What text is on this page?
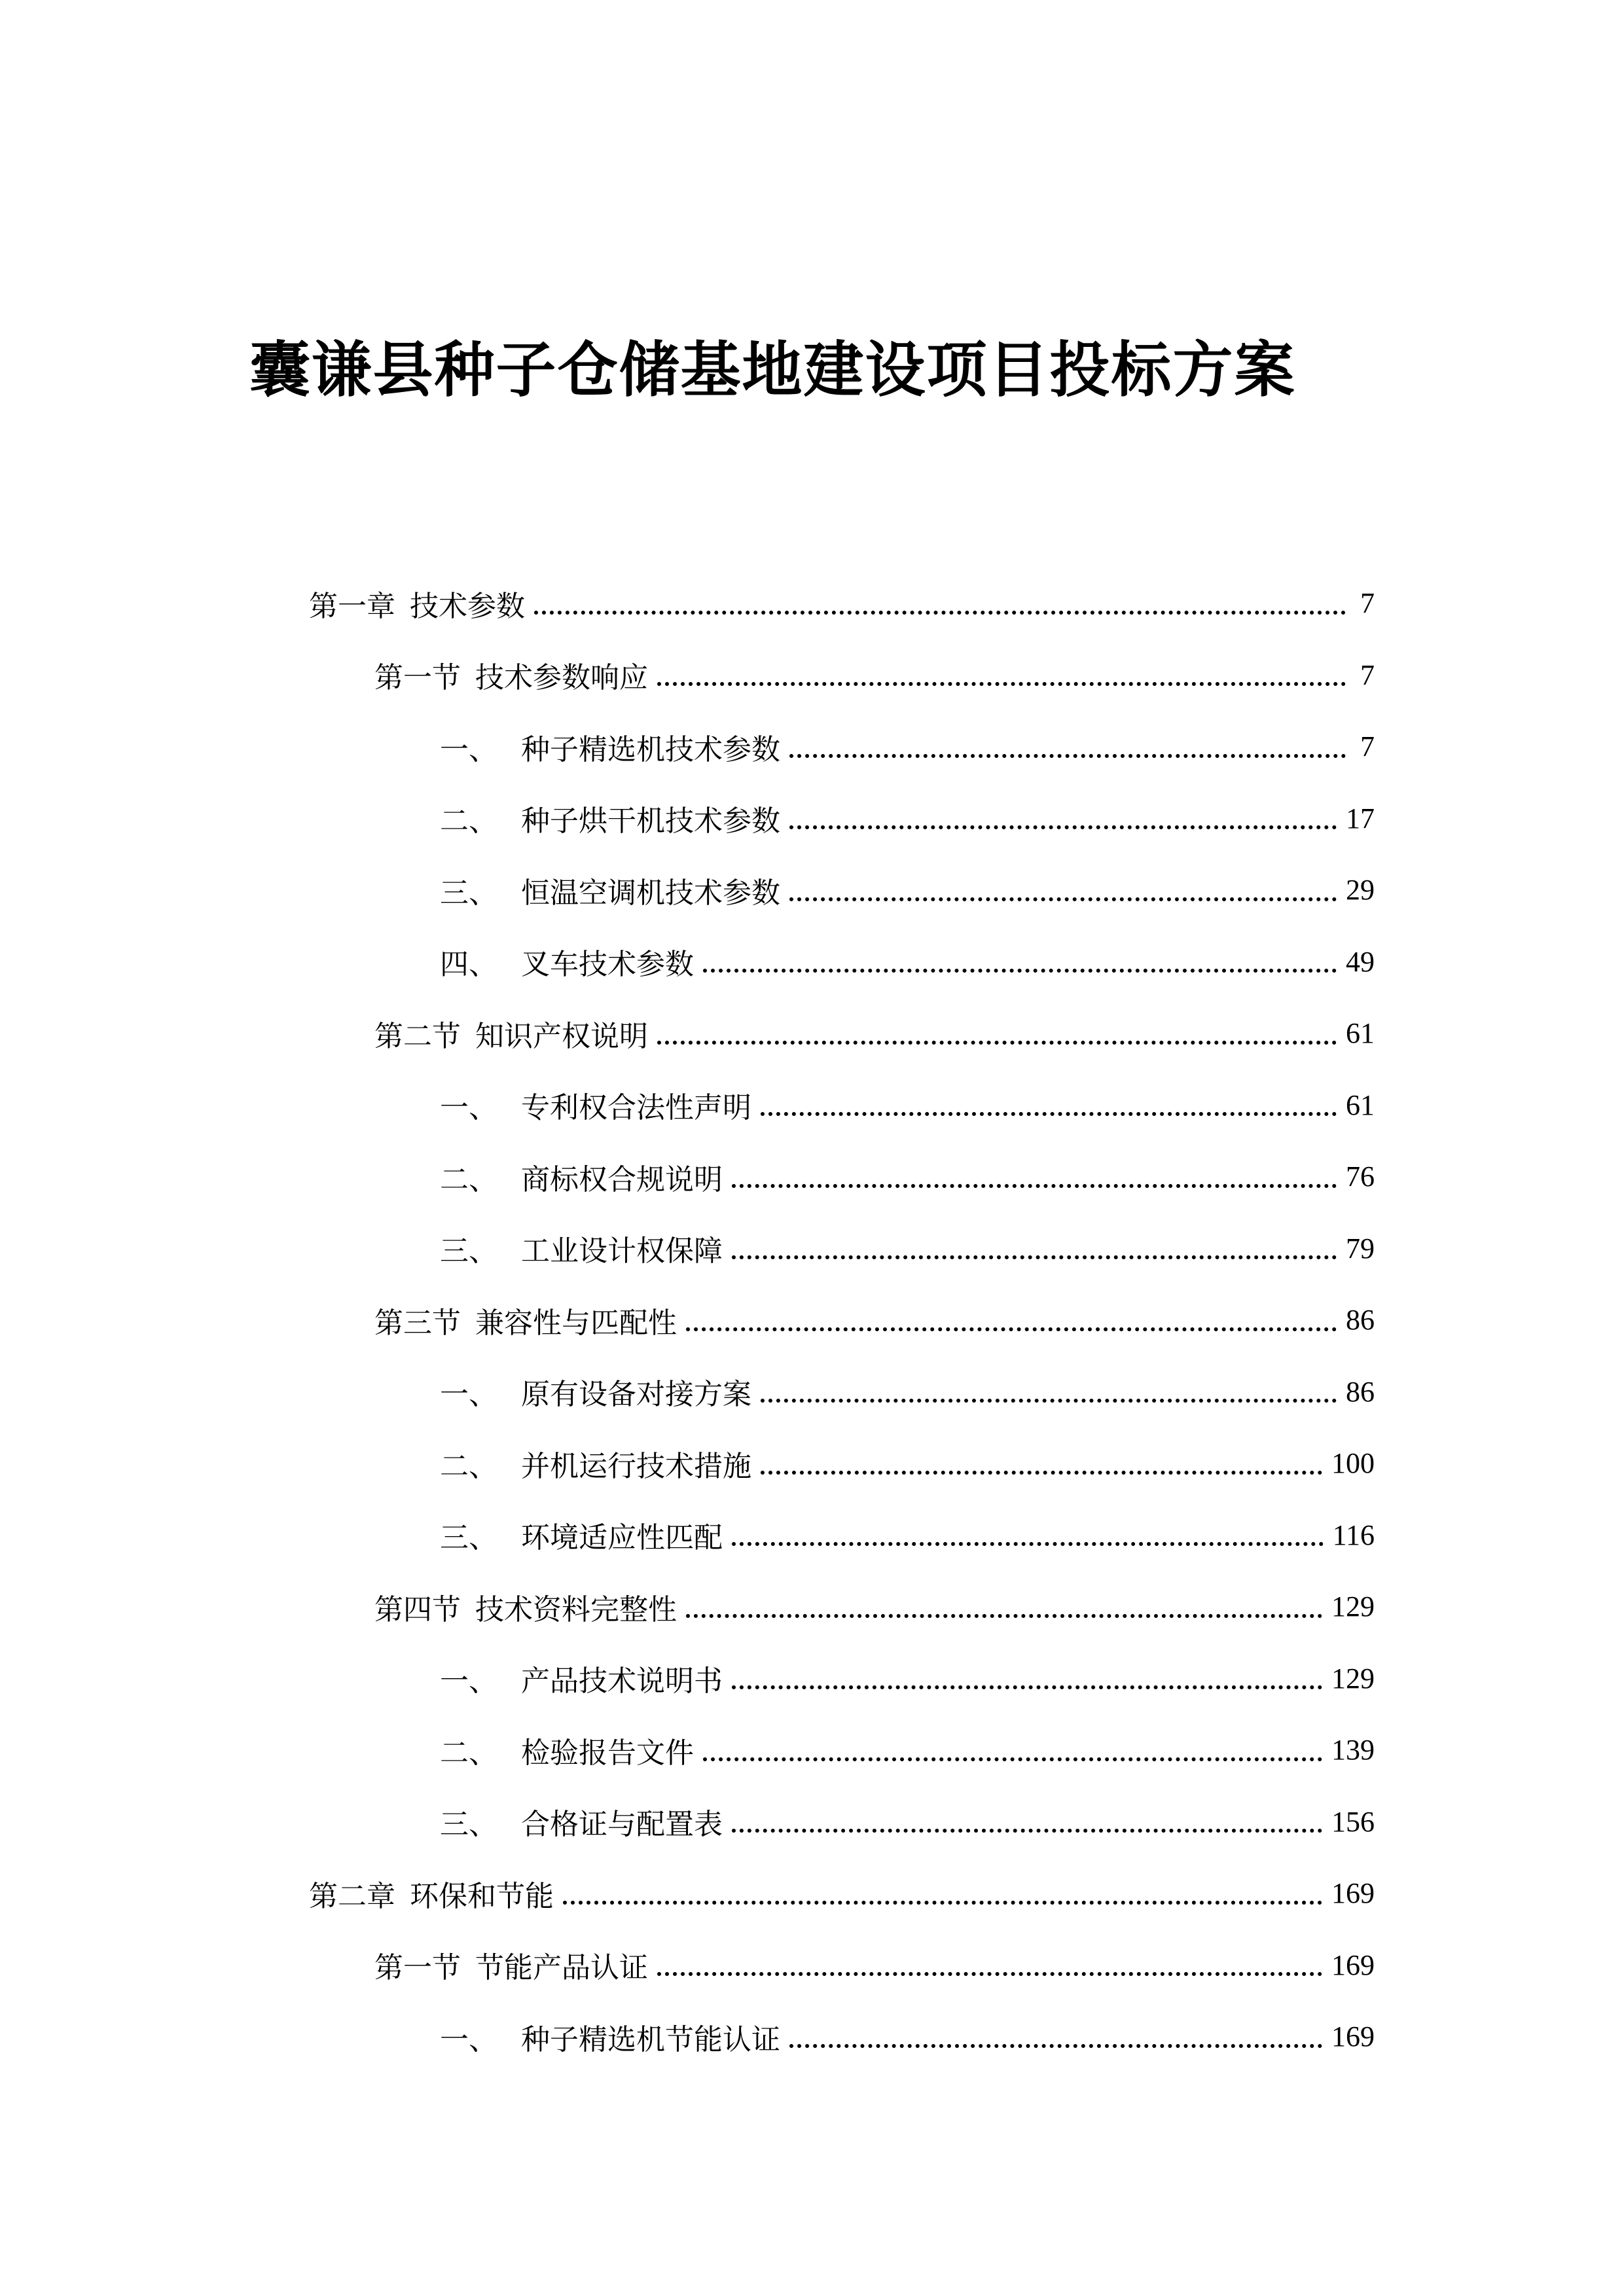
囊谦县种子仓储基地建设项目投标方案
第一章 技术参数	7
第一节 技术参数响应	7
一、 种子精选机技术参数	7
二、 种子烘干机技术参数	17
三、 恒温空调机技术参数	29
四、 叉车技术参数	49
第二节 知识产权说明	61
一、 专利权合法性声明	61
二、 商标权合规说明	76
三、 工业设计权保障	79
第三节 兼容性与匹配性	86
一、 原有设备对接方案	86
二、 并机运行技术措施	100
三、 环境适应性匹配	116
第四节 技术资料完整性	129
一、 产品技术说明书	129
二、 检验报告文件	139
三、 合格证与配置表	156
第二章 环保和节能	169
第一节 节能产品认证	169
一、 种子精选机节能认证	169
